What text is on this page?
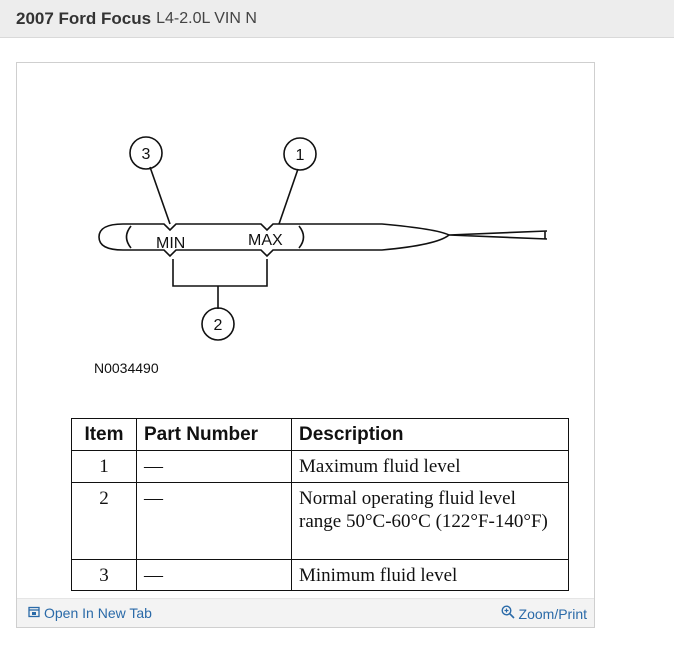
2007 Ford Focus L4-2.0L VIN N
MIN	MAX
3	1
2
N0034490
Item	Part Number	Description
1	—	Maximum fluid level
2	—	Normal operating fluid level range 50°C-60°C (122°F-140°F)
3	—	Minimum fluid level
Open In New Tab	Zoom/Print
